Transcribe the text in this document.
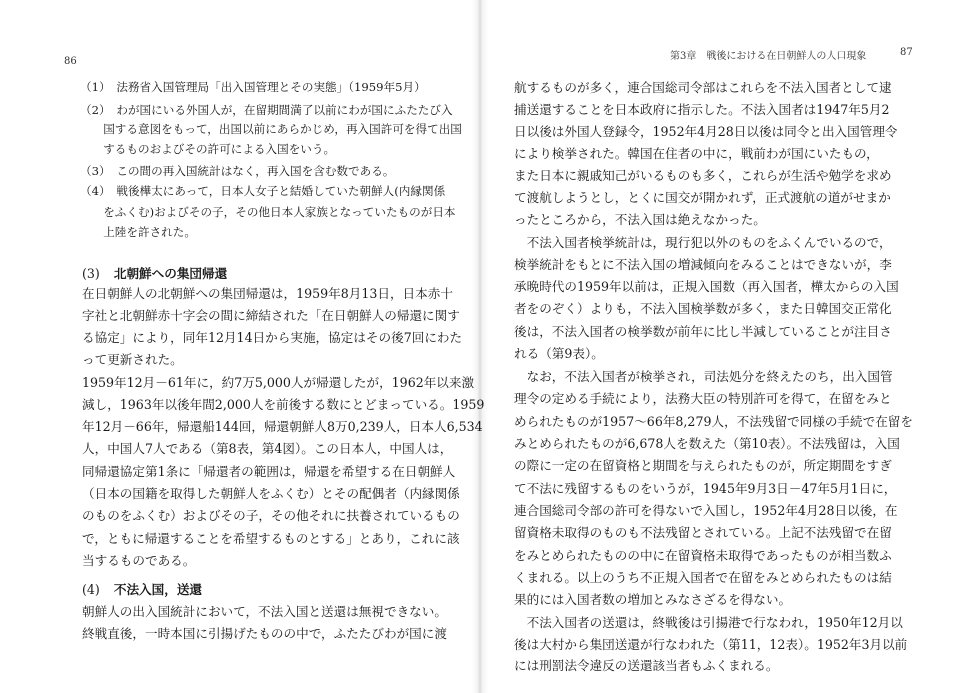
86
（1）　法務省入国管理局「出入国管理とその実態」（1959年5月）
（2）　わが国にいる外国人が，在留期間満了以前にわが国にふたたび入
　　国する意図をもって，出国以前にあらかじめ，再入国許可を得て出国
　　するものおよびその許可による入国をいう。
（3）　この間の再入国統計はなく，再入国を含む数である。
（4）　戦後樺太にあって，日本人女子と結婚していた朝鮮人(内縁関係
　　をふくむ)およびその子，その他日本人家族となっていたものが日本
　　上陸を許された。
(3) 北朝鮮への集団帰還
在日朝鮮人の北朝鮮への集団帰還は，1959年8月13日，日本赤十
字社と北朝鮮赤十字会の間に締結された「在日朝鮮人の帰還に関す
る協定」により，同年12月14日から実施，協定はその後7回にわた
って更新された。
1959年12月－61年に，約7万5,000人が帰還したが，1962年以来激
減し，1963年以後年間2,000人を前後する数にとどまっている。1959
年12月－66年，帰還船144回，帰還朝鮮人8万0,239人，日本人6,534
人，中国人7人である（第8表，第4図）。この日本人，中国人は，
同帰還協定第1条に「帰還者の範囲は，帰還を希望する在日朝鮮人
（日本の国籍を取得した朝鮮人をふくむ）とその配偶者（内縁関係
のものをふくむ）およびその子，その他それに扶養されているもの
で，ともに帰還することを希望するものとする」とあり，これに該
当するものである。
(4) 不法入国，送還
朝鮮人の出入国統計において，不法入国と送還は無視できない。
終戦直後，一時本国に引揚げたものの中で，ふたたびわが国に渡
第3章　戦後における在日朝鮮人の人口現象	87
航するものが多く，連合国総司令部はこれらを不法入国者として逮
捕送還することを日本政府に指示した。不法入国者は1947年5月2
日以後は外国人登録令，1952年4月28日以後は同令と出入国管理令
により検挙された。韓国在住者の中に，戦前わが国にいたもの，
また日本に親戚知己がいるものも多く，これらが生活や勉学を求め
て渡航しようとし，とくに国交が開かれず，正式渡航の道がせまか
ったところから，不法入国は絶えなかった。
　不法入国者検挙統計は，現行犯以外のものをふくんでいるので，
検挙統計をもとに不法入国の増減傾向をみることはできないが，李
承晩時代の1959年以前は，正規入国数（再入国者，樺太からの入国
者をのぞく）よりも，不法入国検挙数が多く，また日韓国交正常化
後は，不法入国者の検挙数が前年に比し半減していることが注目さ
れる（第9表）。
　なお，不法入国者が検挙され，司法処分を終えたのち，出入国管
理令の定める手続により，法務大臣の特別許可を得て，在留をみと
められたものが1957～66年8,279人，不法残留で同様の手続で在留を
みとめられたものが6,678人を数えた（第10表）。不法残留は，入国
の際に一定の在留資格と期間を与えられたものが，所定期間をすぎ
て不法に残留するものをいうが，1945年9月3日－47年5月1日に，
連合国総司令部の許可を得ないで入国し，1952年4月28日以後，在
留資格未取得のものも不法残留とされている。上記不法残留で在留
をみとめられたものの中に在留資格未取得であったものが相当数ふ
くまれる。以上のうち不正規入国者で在留をみとめられたものは結
果的には入国者数の増加とみなさざるを得ない。
　不法入国者の送還は，終戦後は引揚港で行なわれ，1950年12月以
後は大村から集団送還が行なわれた（第11，12表）。1952年3月以前
には刑罰法令違反の送還該当者もふくまれる。
